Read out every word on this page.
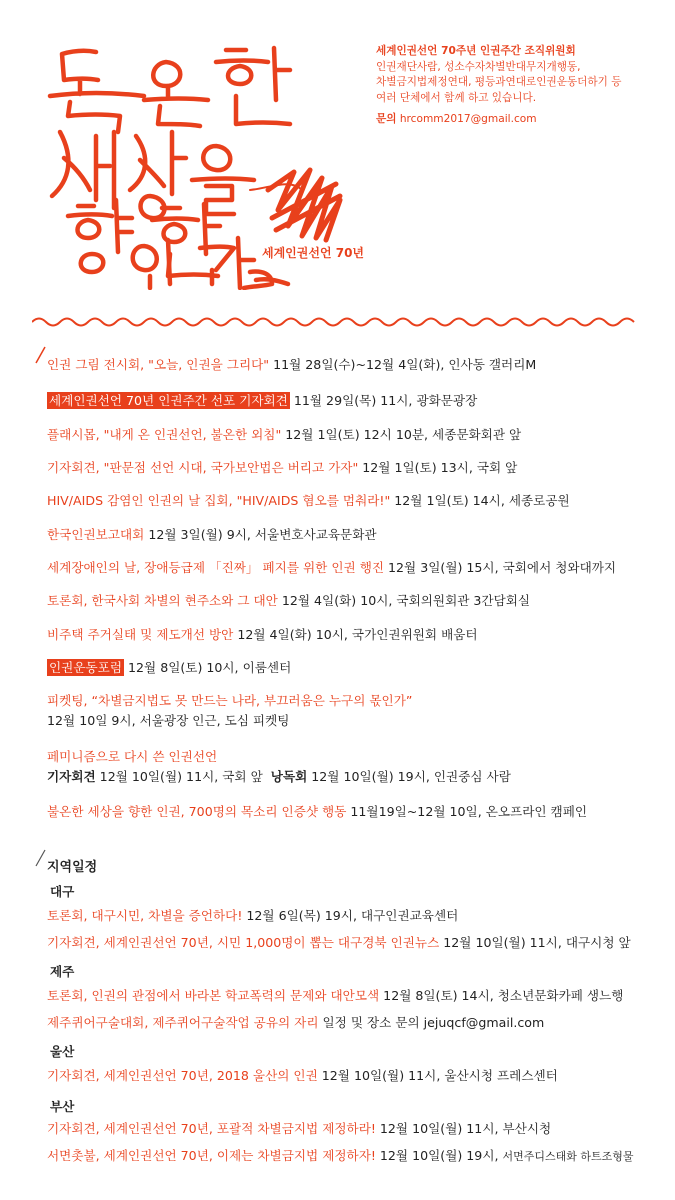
세계인권선언 70년
세계인권선언 70주년 인권주간 조직위원회
인권재단사람, 성소수자차별반대무지개행동,
차별금지법제정연대, 평등과연대로인권운동더하기 등
여러 단체에서 함께 하고 있습니다.
문의 hrcomm2017@gmail.com
인권 그림 전시회, "오늘, 인권을 그리다" 11월 28일(수)~12월 4일(화), 인사동 갤러리M
세계인권선언 70년 인권주간 선포 기자회견 11월 29일(목) 11시, 광화문광장
플래시몹, "내게 온 인권선언, 불온한 외침" 12월 1일(토) 12시 10분, 세종문화회관 앞
기자회견, "판문점 선언 시대, 국가보안법은 버리고 가자" 12월 1일(토) 13시, 국회 앞
HIV/AIDS 감염인 인권의 날 집회, "HIV/AIDS 혐오를 멈춰라!" 12월 1일(토) 14시, 세종로공원
한국인권보고대회 12월 3일(월) 9시, 서울변호사교육문화관
세계장애인의 날, 장애등급제 「진짜」 폐지를 위한 인권 행진 12월 3일(월) 15시, 국회에서 청와대까지
토론회, 한국사회 차별의 현주소와 그 대안 12월 4일(화) 10시, 국회의원회관 3간담회실
비주택 주거실태 및 제도개선 방안 12월 4일(화) 10시, 국가인권위원회 배움터
인권운동포럼 12월 8일(토) 10시, 이룸센터
피켓팅, “차별금지법도 못 만드는 나라, 부끄러움은 누구의 몫인가”
12월 10일 9시, 서울광장 인근, 도심 피켓팅
페미니즘으로 다시 쓴 인권선언
기자회견 12월 10일(월) 11시, 국회 앞 낭독회 12월 10일(월) 19시, 인권중심 사람
불온한 세상을 향한 인권, 700명의 목소리 인증샷 행동 11월19일~12월 10일, 온오프라인 캠페인
지역일정
대구
토론회, 대구시민, 차별을 증언하다! 12월 6일(목) 19시, 대구인권교육센터
기자회견, 세계인권선언 70년, 시민 1,000명이 뽑는 대구경북 인권뉴스 12월 10일(월) 11시, 대구시청 앞
제주
토론회, 인권의 관점에서 바라본 학교폭력의 문제와 대안모색 12월 8일(토) 14시, 청소년문화카페 생느행
제주퀴어구술대회, 제주퀴어구술작업 공유의 자리 일정 및 장소 문의 jejuqcf@gmail.com
울산
기자회견, 세계인권선언 70년, 2018 울산의 인권 12월 10일(월) 11시, 울산시청 프레스센터
부산
기자회견, 세계인권선언 70년, 포괄적 차별금지법 제정하라! 12월 10일(월) 11시, 부산시청
서면촛불, 세계인권선언 70년, 이제는 차별금지법 제정하자! 12월 10일(월) 19시, 서면주디스태화 하트조형물
